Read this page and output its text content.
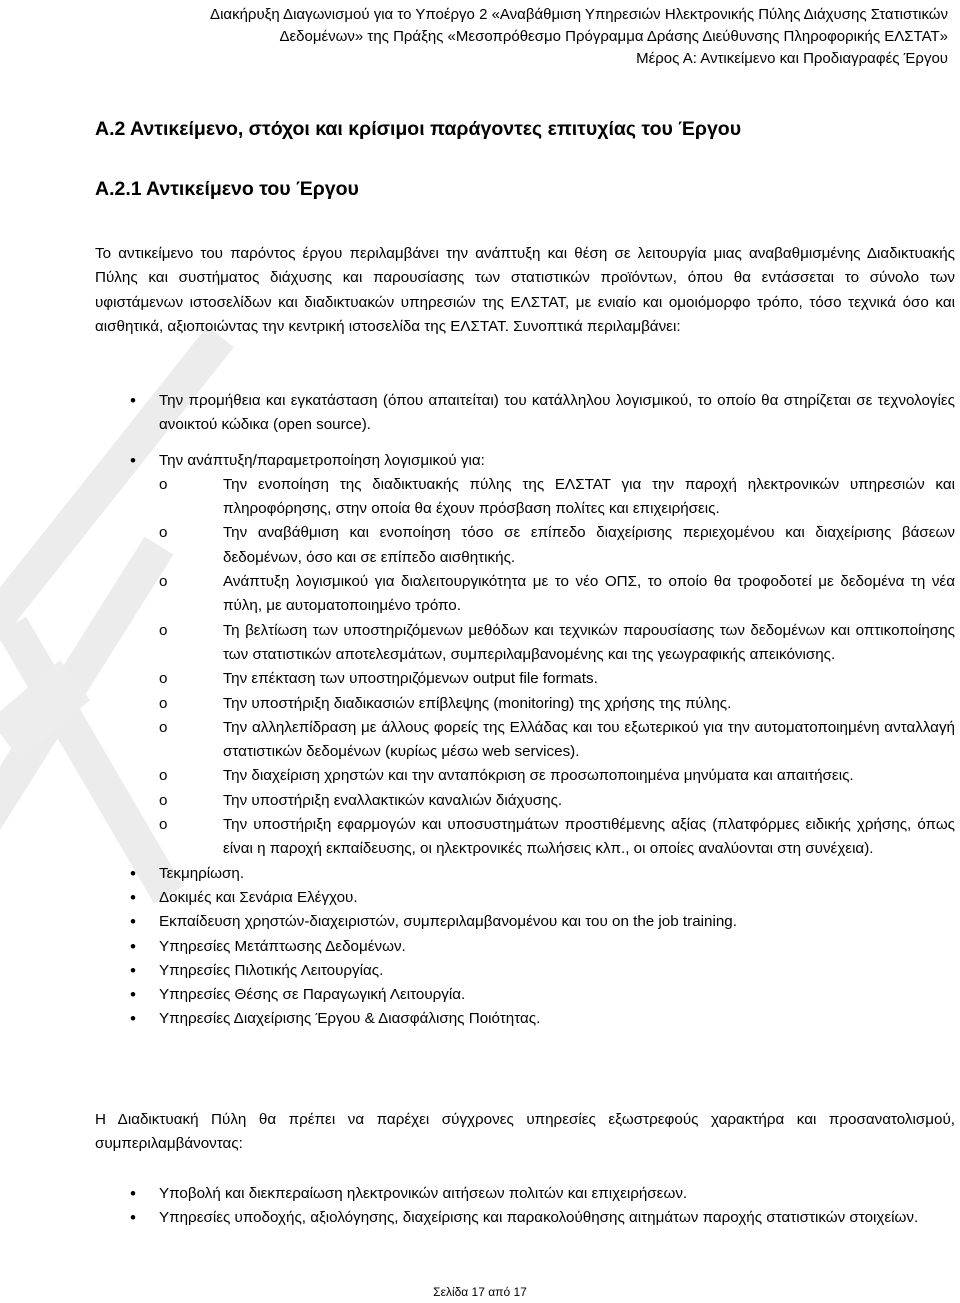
Διακήρυξη Διαγωνισμού για το Υποέργο 2 «Αναβάθμιση Υπηρεσιών Ηλεκτρονικής Πύλης Διάχυσης Στατιστικών
Δεδομένων» της Πράξης «Μεσοπρόθεσμο Πρόγραμμα Δράσης Διεύθυνσης Πληροφορικής ΕΛΣΤΑΤ»
Μέρος Α: Αντικείμενο και Προδιαγραφές Έργου
Α.2 Αντικείμενο, στόχοι και κρίσιμοι παράγοντες επιτυχίας του Έργου
Α.2.1 Αντικείμενο του Έργου

Το αντικείμενο του παρόντος έργου περιλαμβάνει την ανάπτυξη και θέση σε λειτουργία μιας αναβαθμισμένης Διαδικτυακής Πύλης και συστήματος διάχυσης και παρουσίασης των στατιστικών προϊόντων, όπου θα εντάσσεται το σύνολο των υφιστάμενων ιστοσελίδων και διαδικτυακών υπηρεσιών της ΕΛΣΤΑΤ, με ενιαίο και ομοιόμορφο τρόπο, τόσο τεχνικά όσο και αισθητικά, αξιοποιώντας την κεντρική ιστοσελίδα της ΕΛΣΤΑΤ. Συνοπτικά περιλαμβάνει:

• Την προμήθεια και εγκατάσταση (όπου απαιτείται) του κατάλληλου λογισμικού, το οποίο θα στηρίζεται σε τεχνολογίες ανοικτού κώδικα (open source).
• Την ανάπτυξη/παραμετροποίηση λογισμικού για:
o Την ενοποίηση της διαδικτυακής πύλης της ΕΛΣΤΑΤ για την παροχή ηλεκτρονικών υπηρεσιών και πληροφόρησης, στην οποία θα έχουν πρόσβαση πολίτες και επιχειρήσεις.
o Την αναβάθμιση και ενοποίηση τόσο σε επίπεδο διαχείρισης περιεχομένου και διαχείρισης βάσεων δεδομένων, όσο και σε επίπεδο αισθητικής.
o Ανάπτυξη λογισμικού για διαλειτουργικότητα με το νέο ΟΠΣ, το οποίο θα τροφοδοτεί με δεδομένα τη νέα πύλη, με αυτοματοποιημένο τρόπο.
o Τη βελτίωση των υποστηριζόμενων μεθόδων και τεχνικών παρουσίασης των δεδομένων και οπτικοποίησης των στατιστικών αποτελεσμάτων, συμπεριλαμβανομένης και της γεωγραφικής απεικόνισης.
o Την επέκταση των υποστηριζόμενων output file formats.
o Την υποστήριξη διαδικασιών επίβλεψης (monitoring) της χρήσης της πύλης.
o Την αλληλεπίδραση με άλλους φορείς της Ελλάδας και του εξωτερικού για την αυτοματοποιημένη ανταλλαγή στατιστικών δεδομένων (κυρίως μέσω web services).
o Την διαχείριση χρηστών και την ανταπόκριση σε προσωποποιημένα μηνύματα και απαιτήσεις.
o Την υποστήριξη εναλλακτικών καναλιών διάχυσης.
o Την υποστήριξη εφαρμογών και υποσυστημάτων προστιθέμενης αξίας (πλατφόρμες ειδικής χρήσης, όπως είναι η παροχή εκπαίδευσης, οι ηλεκτρονικές πωλήσεις κλπ., οι οποίες αναλύονται στη συνέχεια).
• Τεκμηρίωση.
• Δοκιμές και Σενάρια Ελέγχου.
• Εκπαίδευση χρηστών-διαχειριστών, συμπεριλαμβανομένου και του on the job training.
• Υπηρεσίες Μετάπτωσης Δεδομένων.
• Υπηρεσίες Πιλοτικής Λειτουργίας.
• Υπηρεσίες Θέσης σε Παραγωγική Λειτουργία.
• Υπηρεσίες Διαχείρισης Έργου & Διασφάλισης Ποιότητας.

Η Διαδικτυακή Πύλη θα πρέπει να παρέχει σύγχρονες υπηρεσίες εξωστρεφούς χαρακτήρα και προσανατολισμού, συμπεριλαμβάνοντας:

• Υποβολή και διεκπεραίωση ηλεκτρονικών αιτήσεων πολιτών και επιχειρήσεων.
• Υπηρεσίες υποδοχής, αξιολόγησης, διαχείρισης και παρακολούθησης αιτημάτων παροχής στατιστικών στοιχείων.
Σελίδα 17 από 17
